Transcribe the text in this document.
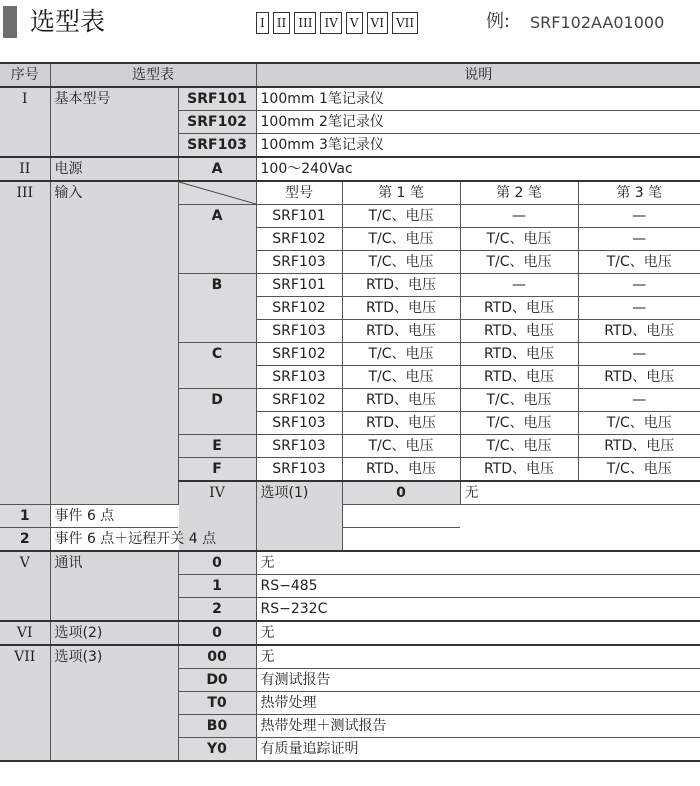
选型表	I	II	III	IV	V	VI	VII	例: SRF102AA01000
序号	选型表		说明			
I	基本型号	SRF101	100mm 1笔记录仪			
		SRF102	100mm 2笔记录仪			
		SRF103	100mm 3笔记录仪			
II	电源	A	100～240Vac			
III	输入		型号	第 1 笔	第 2 笔	第 3 笔
		A	SRF101	T/C、电压	—	—
			SRF102	T/C、电压	T/C、电压	—
			SRF103	T/C、电压	T/C、电压	T/C、电压
		B	SRF101	RTD、电压	—	—
			SRF102	RTD、电压	RTD、电压	—
			SRF103	RTD、电压	RTD、电压	RTD、电压
		C	SRF102	T/C、电压	RTD、电压	—
			SRF103	T/C、电压	RTD、电压	RTD、电压
		D	SRF102	RTD、电压	T/C、电压	—
			SRF103	RTD、电压	T/C、电压	T/C、电压
		E	SRF103	T/C、电压	T/C、电压	RTD、电压
		F	SRF103	RTD、电压	RTD、电压	T/C、电压
		IV	选项(1)	0	无	
1	事件 6 点					
2	事件 6 点＋远程开关 4 点					
V	通讯	0	无			
		1	RS−485			
		2	RS−232C			
VI	选项(2)	0	无			
VII	选项(3)	00	无			
		D0	有测试报告			
		T0	热带处理			
		B0	热带处理＋测试报告			
		Y0	有质量追踪证明			
